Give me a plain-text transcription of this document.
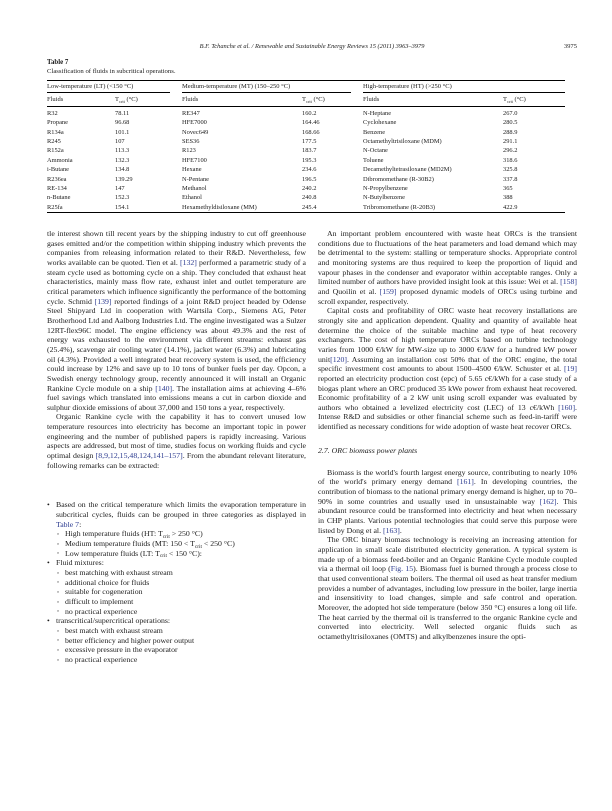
B.F. Tchanche et al. / Renewable and Sustainable Energy Reviews 15 (2011) 3963–3979	3975
Table 7
Classification of fluids in subcritical operations.
Low-temperature (LT) (<150 °C)		Medium-temperature (MT) (150–250 °C)		High-temperature (HT) (>250 °C)	

Fluids	$T_{crit}$ (°C)	Fluids	$T_{crit}$ (°C)	Fluids	$T_{crit}$ (°C)
R32	78.11	RE347	160.2	N-Heptane	267.0
Propane	96.68	HFE7000	164.46	Cyclohexane	280.5
R134a	101.1	Novec649	168.66	Benzene	288.9
R245	107	SES36	177.5	Octamethyltrisiloxane (MDM)	291.1
R152a	113.3	R123	183.7	N-Octane	296.2
Ammonia	132.3	HFE7100	195.3	Toluene	318.6
i-Butane	134.8	Hexane	234.6	Decamethyltetrasiloxane (MD2M)	325.8
R236ea	139.29	N-Pentane	196.5	Dibromomethane (R-30B2)	337.8
RE-134	147	Methanol	240.2	N-Propylbenzene	365
n-Butane	152.3	Ethanol	240.8	N-Butylbenzene	388
R25fa	154.1	Hexamethyldisiloxane (MM)	245.4	Tribromomethane (R-20B3)	422.9

tle interest shown till recent years by the shipping industry to cut off greenhouse gases emitted and/or the competition within shipping industry which prevents the companies from releasing information related to their R&D. Nevertheless, few works available can be quoted. Tien et al. [132] performed a parametric study of a steam cycle used as bottoming cycle on a ship. They concluded that exhaust heat characteristics, mainly mass flow rate, exhaust inlet and outlet temperature are critical parameters which influence significantly the performance of the bottoming cycle. Schmid [139] reported findings of a joint R&D project headed by Odense Steel Shipyard Ltd in cooperation with Wartsila Corp., Siemens AG, Peter Brotherhood Ltd and Aalborg Industries Ltd. The engine investigated was a Sulzer 12RT-flex96C model. The engine efficiency was about 49.3% and the rest of energy was exhausted to the environment via different streams: exhaust gas (25.4%), scavenge air cooling water (14.1%), jacket water (6.3%) and lubricating oil (4.3%). Provided a well integrated heat recovery system is used, the efficiency could increase by 12% and save up to 10 tons of bunker fuels per day. Opcon, a Swedish energy technology group, recently announced it will install an Organic Rankine Cycle module on a ship [140]. The installation aims at achieving 4–6% fuel savings which translated into emissions means a cut in carbon dioxide and sulphur dioxide emissions of about 37,000 and 150 tons a year, respectively.

Organic Rankine cycle with the capability it has to convert unused low temperature resources into electricity has become an important topic in power engineering and the number of published papers is rapidly increasing. Various aspects are addressed, but most of time, studies focus on working fluids and cycle optimal design [8,9,12,15,48,124,141–157]. From the abundant relevant literature, following remarks can be extracted:

• Based on the critical temperature which limits the evaporation temperature in subcritical cycles, fluids can be grouped in three categories as displayed in Table 7:
◦ High temperature fluids (HT: $T_{crit} > 250$ °C)
◦ Medium temperature fluids (MT: $150 < T_{crit} < 250$ °C)
◦ Low temperature fluids (LT: $T_{crit} < 150$ °C):
• Fluid mixtures:
◦ best matching with exhaust stream
◦ additional choice for fluids
◦ suitable for cogeneration
◦ difficult to implement
◦ no practical experience
• transcritical/supercritical operations:
◦ best match with exhaust stream
◦ better efficiency and higher power output
◦ excessive pressure in the evaporator
◦ no practical experience

An important problem encountered with waste heat ORCs is the transient conditions due to fluctuations of the heat parameters and load demand which may be detrimental to the system: stalling or temperature shocks. Appropriate control and monitoring systems are thus required to keep the proportion of liquid and vapour phases in the condenser and evaporator within acceptable ranges. Only a limited number of authors have provided insight look at this issue: Wei et al. [158] and Quoilin et al. [159] proposed dynamic models of ORCs using turbine and scroll expander, respectively.

Capital costs and profitability of ORC waste heat recovery installations are strongly site and application dependent. Quality and quantity of available heat determine the choice of the suitable machine and type of heat recovery exchangers. The cost of high temperature ORCs based on turbine technology varies from 1000 €/kW for MW-size up to 3000 €/kW for a hundred kW power unit[120]. Assuming an installation cost 50% that of the ORC engine, the total specific investment cost amounts to about 1500–4500 €/kW. Schuster et al. [19] reported an electricity production cost (epc) of 5.65 c€/kWh for a case study of a biogas plant where an ORC produced 35 kWe power from exhaust heat recovered. Economic profitability of a 2 kW unit using scroll expander was evaluated by authors who obtained a levelized electricity cost (LEC) of 13 c€/kWh [160]. Intense R&D and subsidies or other financial scheme such as feed-in-tariff were identified as necessary conditions for wide adoption of waste heat recover ORCs.

2.7. ORC biomass power plants

Biomass is the world's fourth largest energy source, contributing to nearly 10% of the world's primary energy demand [161]. In developing countries, the contribution of biomass to the national primary energy demand is higher, up to 70–90% in some countries and usually used in unsustainable way [162]. This abundant resource could be transformed into electricity and heat when necessary in CHP plants. Various potential technologies that could serve this purpose were listed by Dong et al. [163].

The ORC binary biomass technology is receiving an increasing attention for application in small scale distributed electricity generation. A typical system is made up of a biomass feed-boiler and an Organic Rankine Cycle module coupled via a thermal oil loop (Fig. 15). Biomass fuel is burned through a process close to that used conventional steam boilers. The thermal oil used as heat transfer medium provides a number of advantages, including low pressure in the boiler, large inertia and insensitivity to load changes, simple and safe control and operation. Moreover, the adopted hot side temperature (below 350 °C) ensures a long oil life. The heat carried by the thermal oil is transferred to the organic Rankine cycle and converted into electricity. Well selected organic fluids such as octamethyltrisiloxanes (OMTS) and alkylbenzenes insure the opti-
